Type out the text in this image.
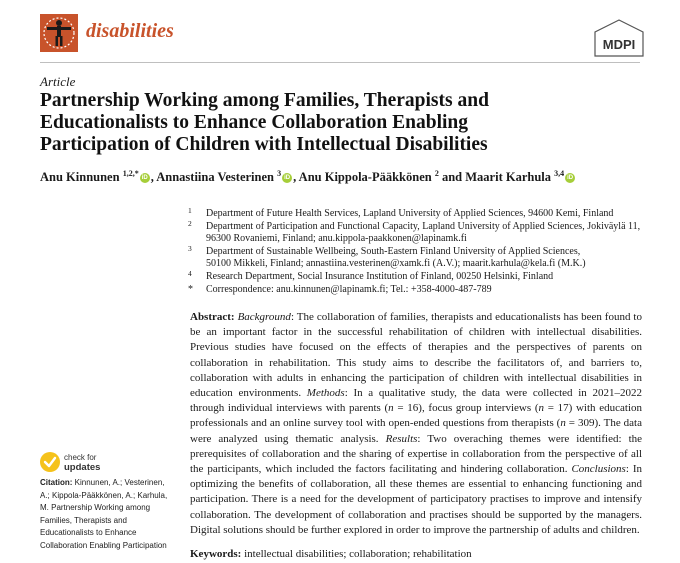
disabilities
MDPI
Article
Partnership Working among Families, Therapists and
Educationalists to Enhance Collaboration Enabling
Participation of Children with Intellectual Disabilities
Anu Kinnunen $^{1,2,*}$iD , Annastiina Vesterinen $^3$iD , Anu Kippola-Pääkkönen $^2$ and Maarit Karhula $^{3,4}$iD
1 Department of Future Health Services, Lapland University of Applied Sciences, 94600 Kemi, Finland
2 Department of Participation and Functional Capacity, Lapland University of Applied Sciences, Jokiväylä 11,
96300 Rovaniemi, Finland; anu.kippola-paakkonen@lapinamk.fi
3 Department of Sustainable Wellbeing, South-Eastern Finland University of Applied Sciences,
50100 Mikkeli, Finland; annastiina.vesterinen@xamk.fi (A.V.); maarit.karhula@kela.fi (M.K.)
4 Research Department, Social Insurance Institution of Finland, 00250 Helsinki, Finland
* Correspondence: anu.kinnunen@lapinamk.fi; Tel.: +358-4000-487-789

Abstract: Background: The collaboration of families, therapists and educationalists has been found to be an important factor in the successful rehabilitation of children with intellectual disabilities. Previous studies have focused on the effects of therapies and the perspectives of parents on collaboration in rehabilitation. This study aims to describe the facilitators of, and barriers to, collaboration with adults in enhancing the participation of children with intellectual disabilities in education environments. Methods: In a qualitative study, the data were collected in 2021–2022 through individual interviews with parents (n = 16), focus group interviews (n = 17) with education professionals and an online survey tool with open-ended questions from therapists (n = 309). The data were analyzed using thematic analysis. Results: Two overaching themes were identified: the prerequisites of collaboration and the sharing of expertise in collaboration from the perspective of all the participants, which included the factors facilitating and hindering collaboration. Conclusions: In optimizing the benefits of collaboration, all these themes are essential to enhancing functioning and participation. There is a need for the development of participatory practises to improve and intensify collaboration. The development of collaboration and practises should be supported by the managers. Digital solutions should be further explored in order to improve the partnership of adults and children.

Keywords: intellectual disabilities; collaboration; rehabilitation
check for
updates
Citation: Kinnunen, A.; Vesterinen,
A.; Kippola-Pääkkönen, A.; Karhula,
M. Partnership Working among
Families, Therapists and
Educationalists to Enhance
Collaboration Enabling Participation
